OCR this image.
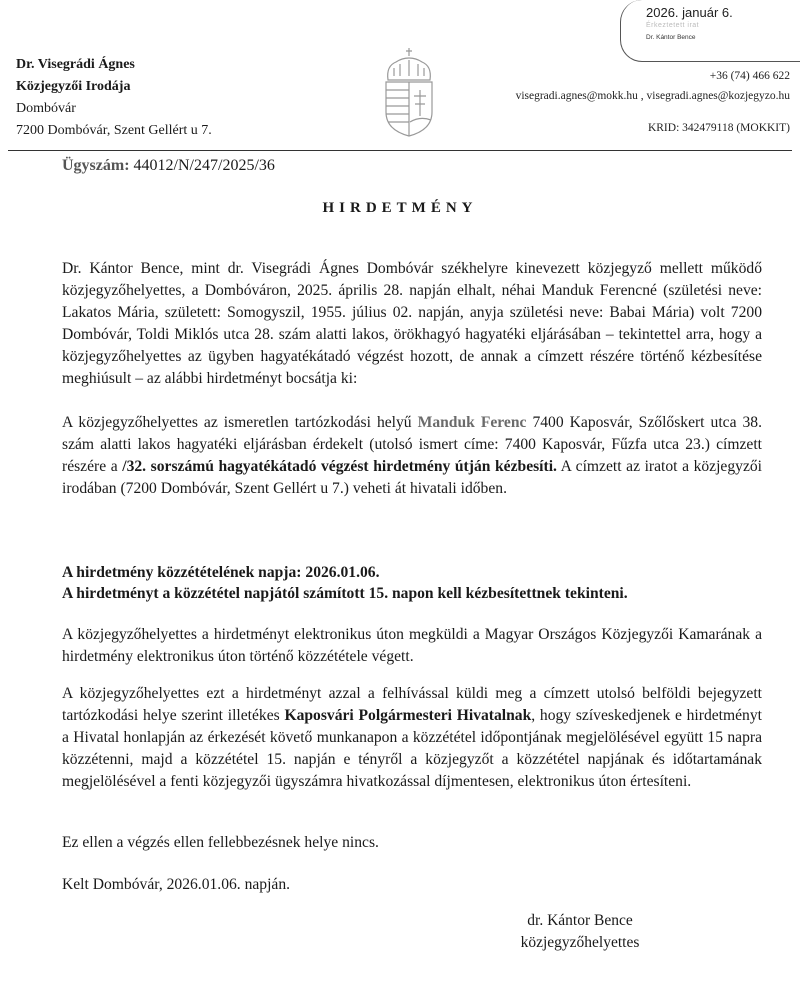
Dr. Visegrádi Ágnes
Közjegyzői Irodája
Dombóvár
7200 Dombóvár, Szent Gellért u 7.
2026. január 6.
Érkeztetett irat
Dr. Kántor Bence
+36 (74) 466 622
visegradi.agnes@mokk.hu , visegradi.agnes@kozjegyzo.hu
KRID: 342479118 (MOKKIT)
Ügyszám: 44012/N/247/2025/36
HIRDETMÉNY
Dr. Kántor Bence, mint dr. Visegrádi Ágnes Dombóvár székhelyre kinevezett közjegyző mellett működő közjegyzőhelyettes, a Dombóváron, 2025. április 28. napján elhalt, néhai Manduk Ferencné (születési neve: Lakatos Mária, született: Somogyszil, 1955. július 02. napján, anyja születési neve: Babai Mária) volt 7200 Dombóvár, Toldi Miklós utca 28. szám alatti lakos, örökhagyó hagyatéki eljárásában – tekintettel arra, hogy a közjegyzőhelyettes az ügyben hagyatékátadó végzést hozott, de annak a címzett részére történő kézbesítése meghiúsult – az alábbi hirdetményt bocsátja ki:
A közjegyzőhelyettes az ismeretlen tartózkodási helyű Manduk Ferenc 7400 Kaposvár, Szőlőskert utca 38. szám alatti lakos hagyatéki eljárásban érdekelt (utolsó ismert címe: 7400 Kaposvár, Fűzfa utca 23.) címzett részére a /32. sorszámú hagyatékátadó végzést hirdetmény útján kézbesíti. A címzett az iratot a közjegyzői irodában (7200 Dombóvár, Szent Gellért u 7.) veheti át hivatali időben.
A hirdetmény közzétételének napja: 2026.01.06.
A hirdetményt a közzététel napjától számított 15. napon kell kézbesítettnek tekinteni.
A közjegyzőhelyettes a hirdetményt elektronikus úton megküldi a Magyar Országos Közjegyzői Kamarának a hirdetmény elektronikus úton történő közzététele végett.
A közjegyzőhelyettes ezt a hirdetményt azzal a felhívással küldi meg a címzett utolsó belföldi bejegyzett tartózkodási helye szerint illetékes Kaposvári Polgármesteri Hivatalnak, hogy szíveskedjenek e hirdetményt a Hivatal honlapján az érkezését követő munkanapon a közzététel időpontjának megjelölésével együtt 15 napra közzétenni, majd a közzététel 15. napján e tényről a közjegyzőt a közzététel napjának és időtartamának megjelölésével a fenti közjegyzői ügyszámra hivatkozással díjmentesen, elektronikus úton értesíteni.
Ez ellen a végzés ellen fellebbezésnek helye nincs.
Kelt Dombóvár, 2026.01.06. napján.
dr. Kántor Bence
közjegyzőhelyettes
